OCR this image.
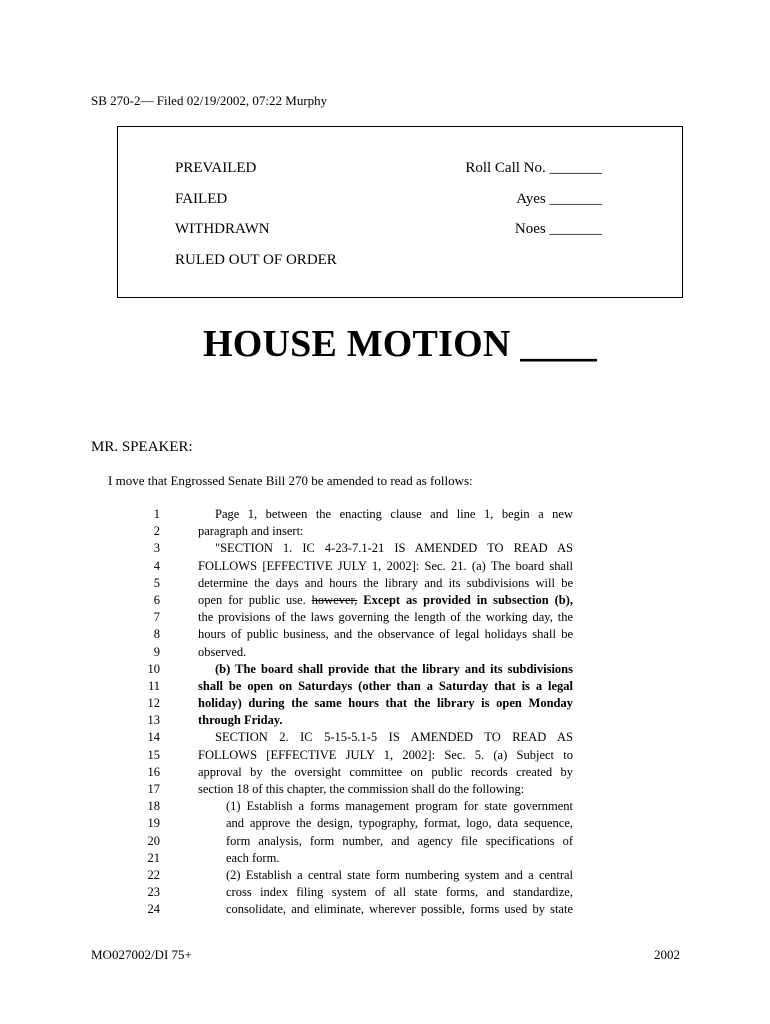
SB 270-2— Filed 02/19/2002, 07:22 Murphy
PREVAILED
FAILED
WITHDRAWN
RULED OUT OF ORDER
Roll Call No. _______
Ayes _______
Noes _______
HOUSE MOTION ____
MR. SPEAKER:
I move that Engrossed Senate Bill 270 be amended to read as follows:
1	Page 1, between the enacting clause and line 1, begin a new
2	paragraph and insert:
3	"SECTION 1. IC 4-23-7.1-21 IS AMENDED TO READ AS
4	FOLLOWS [EFFECTIVE JULY 1, 2002]: Sec. 21. (a) The board shall
5	determine the days and hours the library and its subdivisions will be
6	open for public use. however, Except as provided in subsection (b),
7	the provisions of the laws governing the length of the working day, the
8	hours of public business, and the observance of legal holidays shall be
9	observed.
10	(b) The board shall provide that the library and its subdivisions
11	shall be open on Saturdays (other than a Saturday that is a legal
12	holiday) during the same hours that the library is open Monday
13	through Friday.
14	SECTION 2. IC 5-15-5.1-5 IS AMENDED TO READ AS
15	FOLLOWS [EFFECTIVE JULY 1, 2002]: Sec. 5. (a) Subject to
16	approval by the oversight committee on public records created by
17	section 18 of this chapter, the commission shall do the following:
18	(1) Establish a forms management program for state government
19	and approve the design, typography, format, logo, data sequence,
20	form analysis, form number, and agency file specifications of
21	each form.
22	(2) Establish a central state form numbering system and a central
23	cross index filing system of all state forms, and standardize,
24	consolidate, and eliminate, wherever possible, forms used by state
MO027002/DI 75+	2002
